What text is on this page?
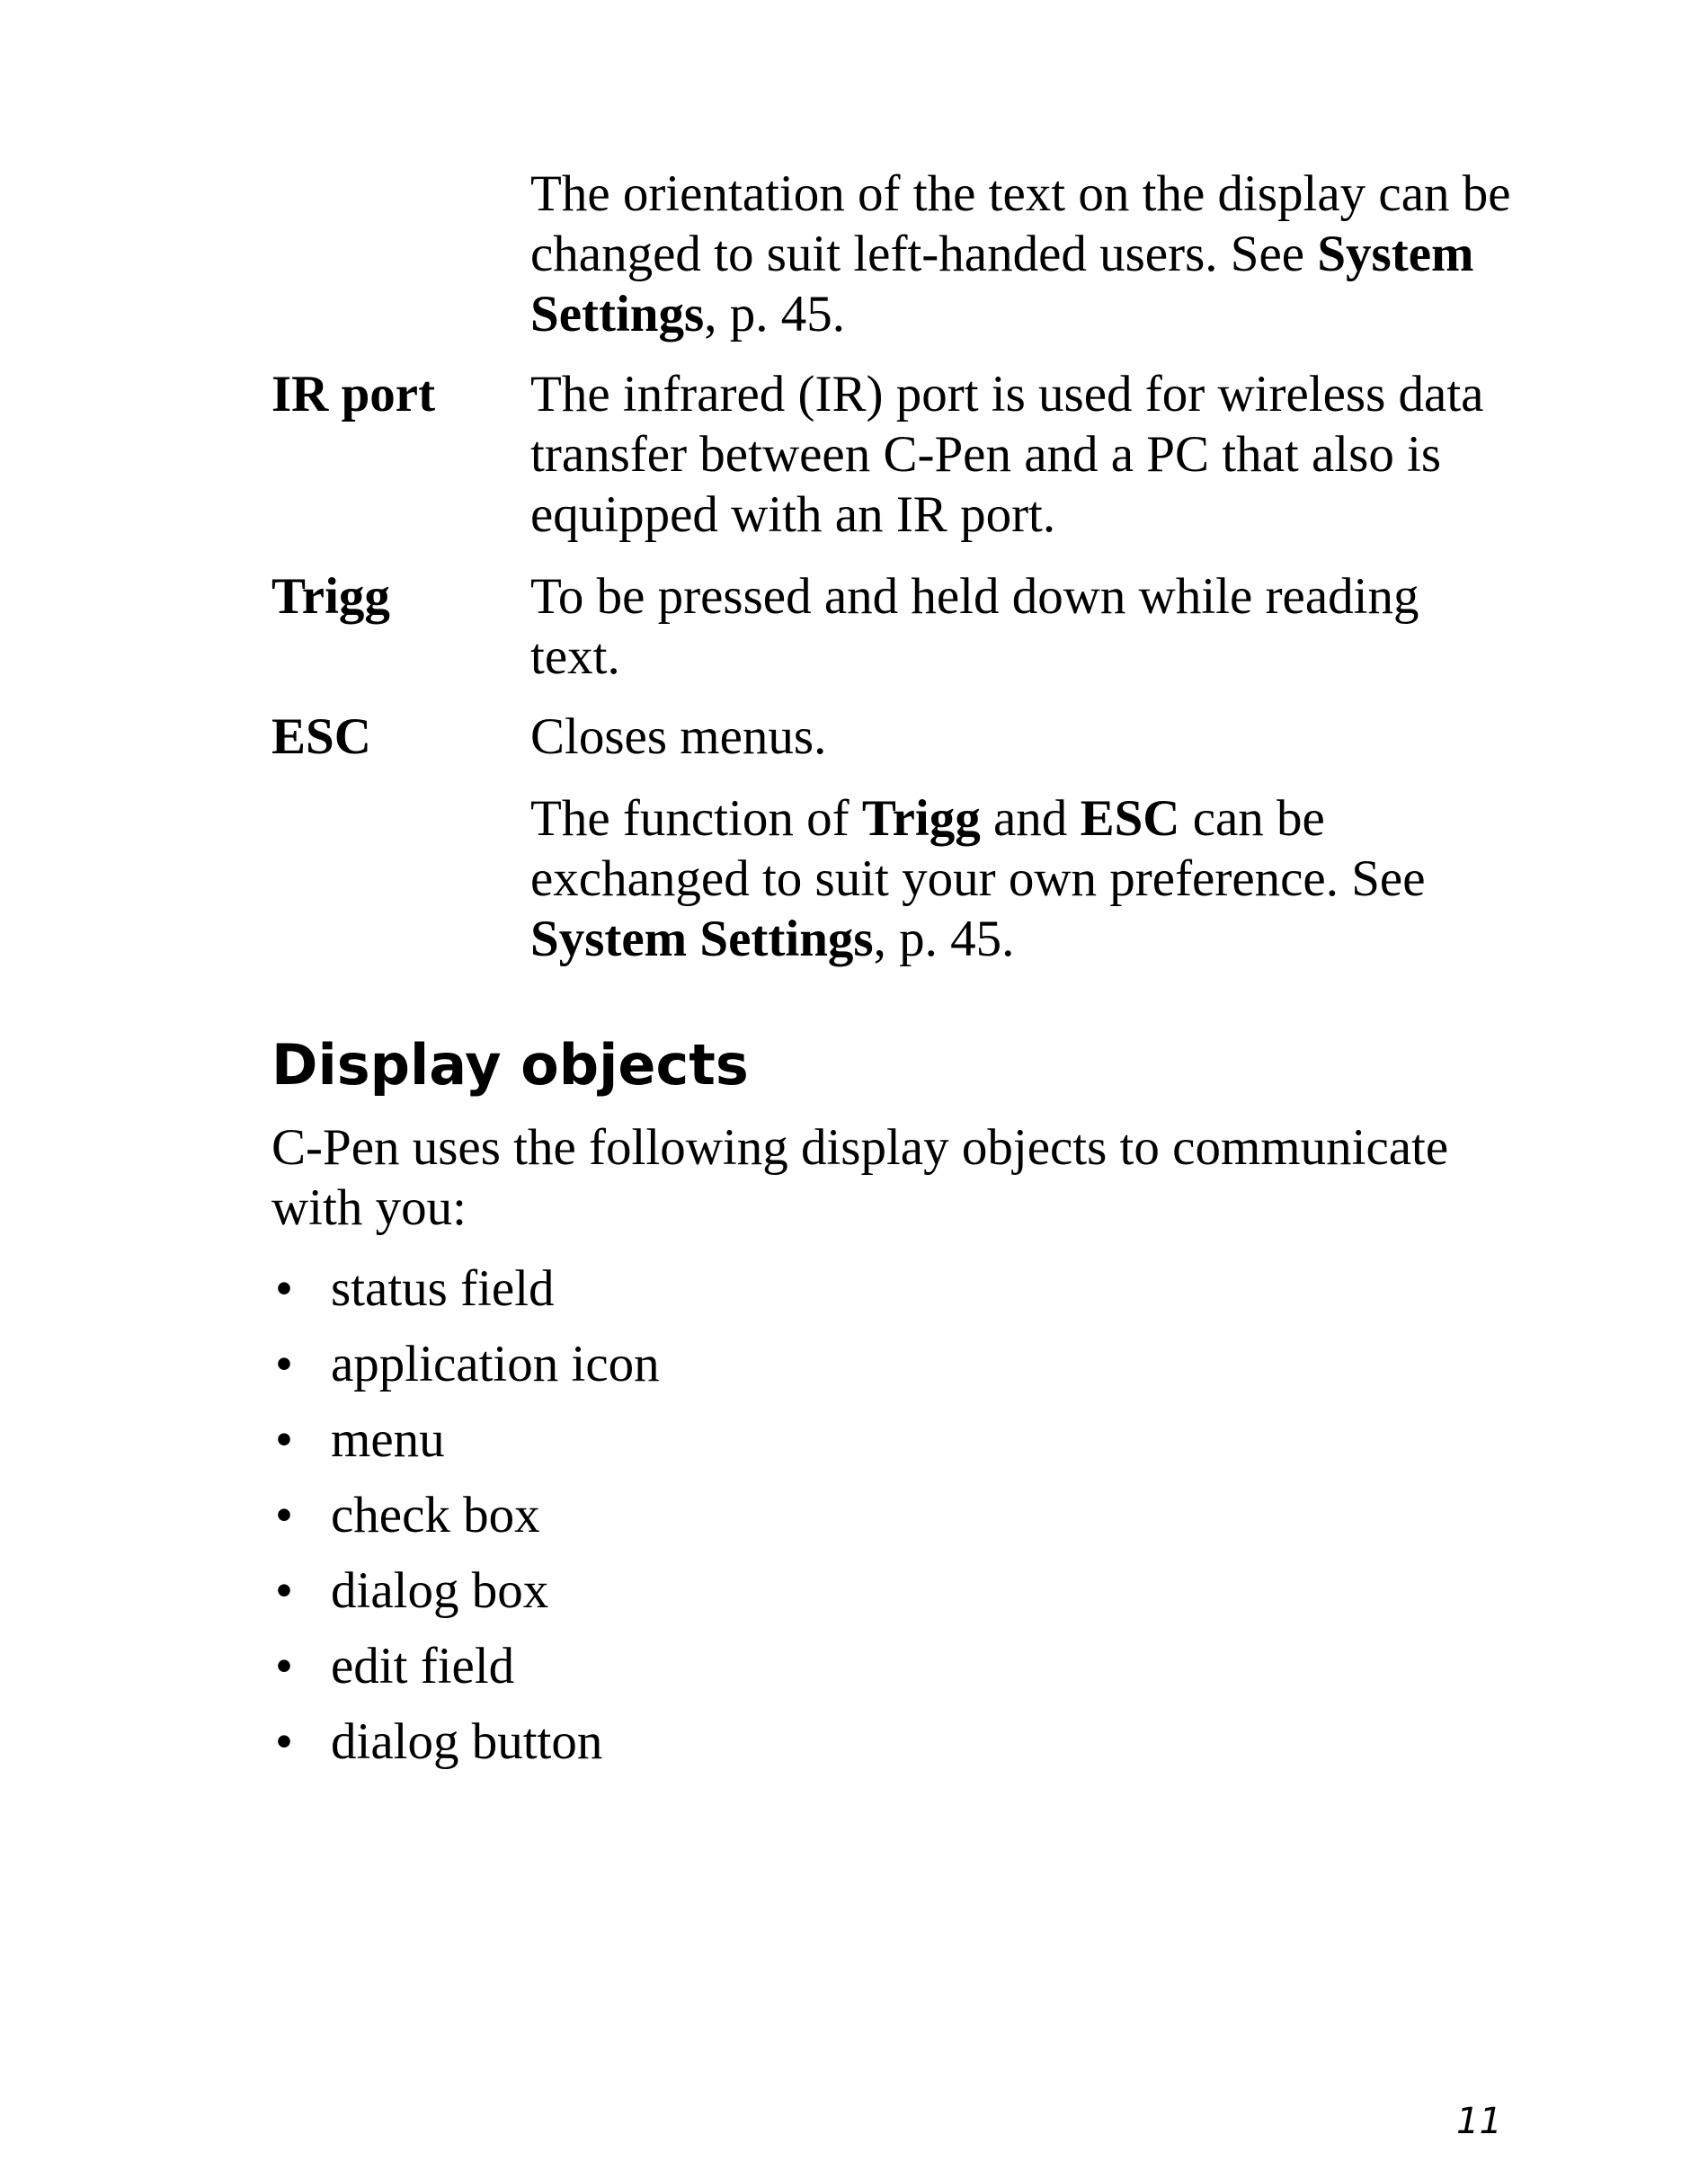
The orientation of the text on the display can be changed to suit left-handed users. See System Settings, p. 45.

IR port The infrared (IR) port is used for wireless data transfer between C-Pen and a PC that also is equipped with an IR port.

Trigg	To be pressed and held down while reading text.

ESC	Closes menus.

The function of Trigg and ESC can be exchanged to suit your own preference. See System Settings, p. 45.

Display objects

C-Pen uses the following display objects to communicate with you:

• status field
• application icon
• menu
• check box
• dialog box
• edit field
• dialog button
11
